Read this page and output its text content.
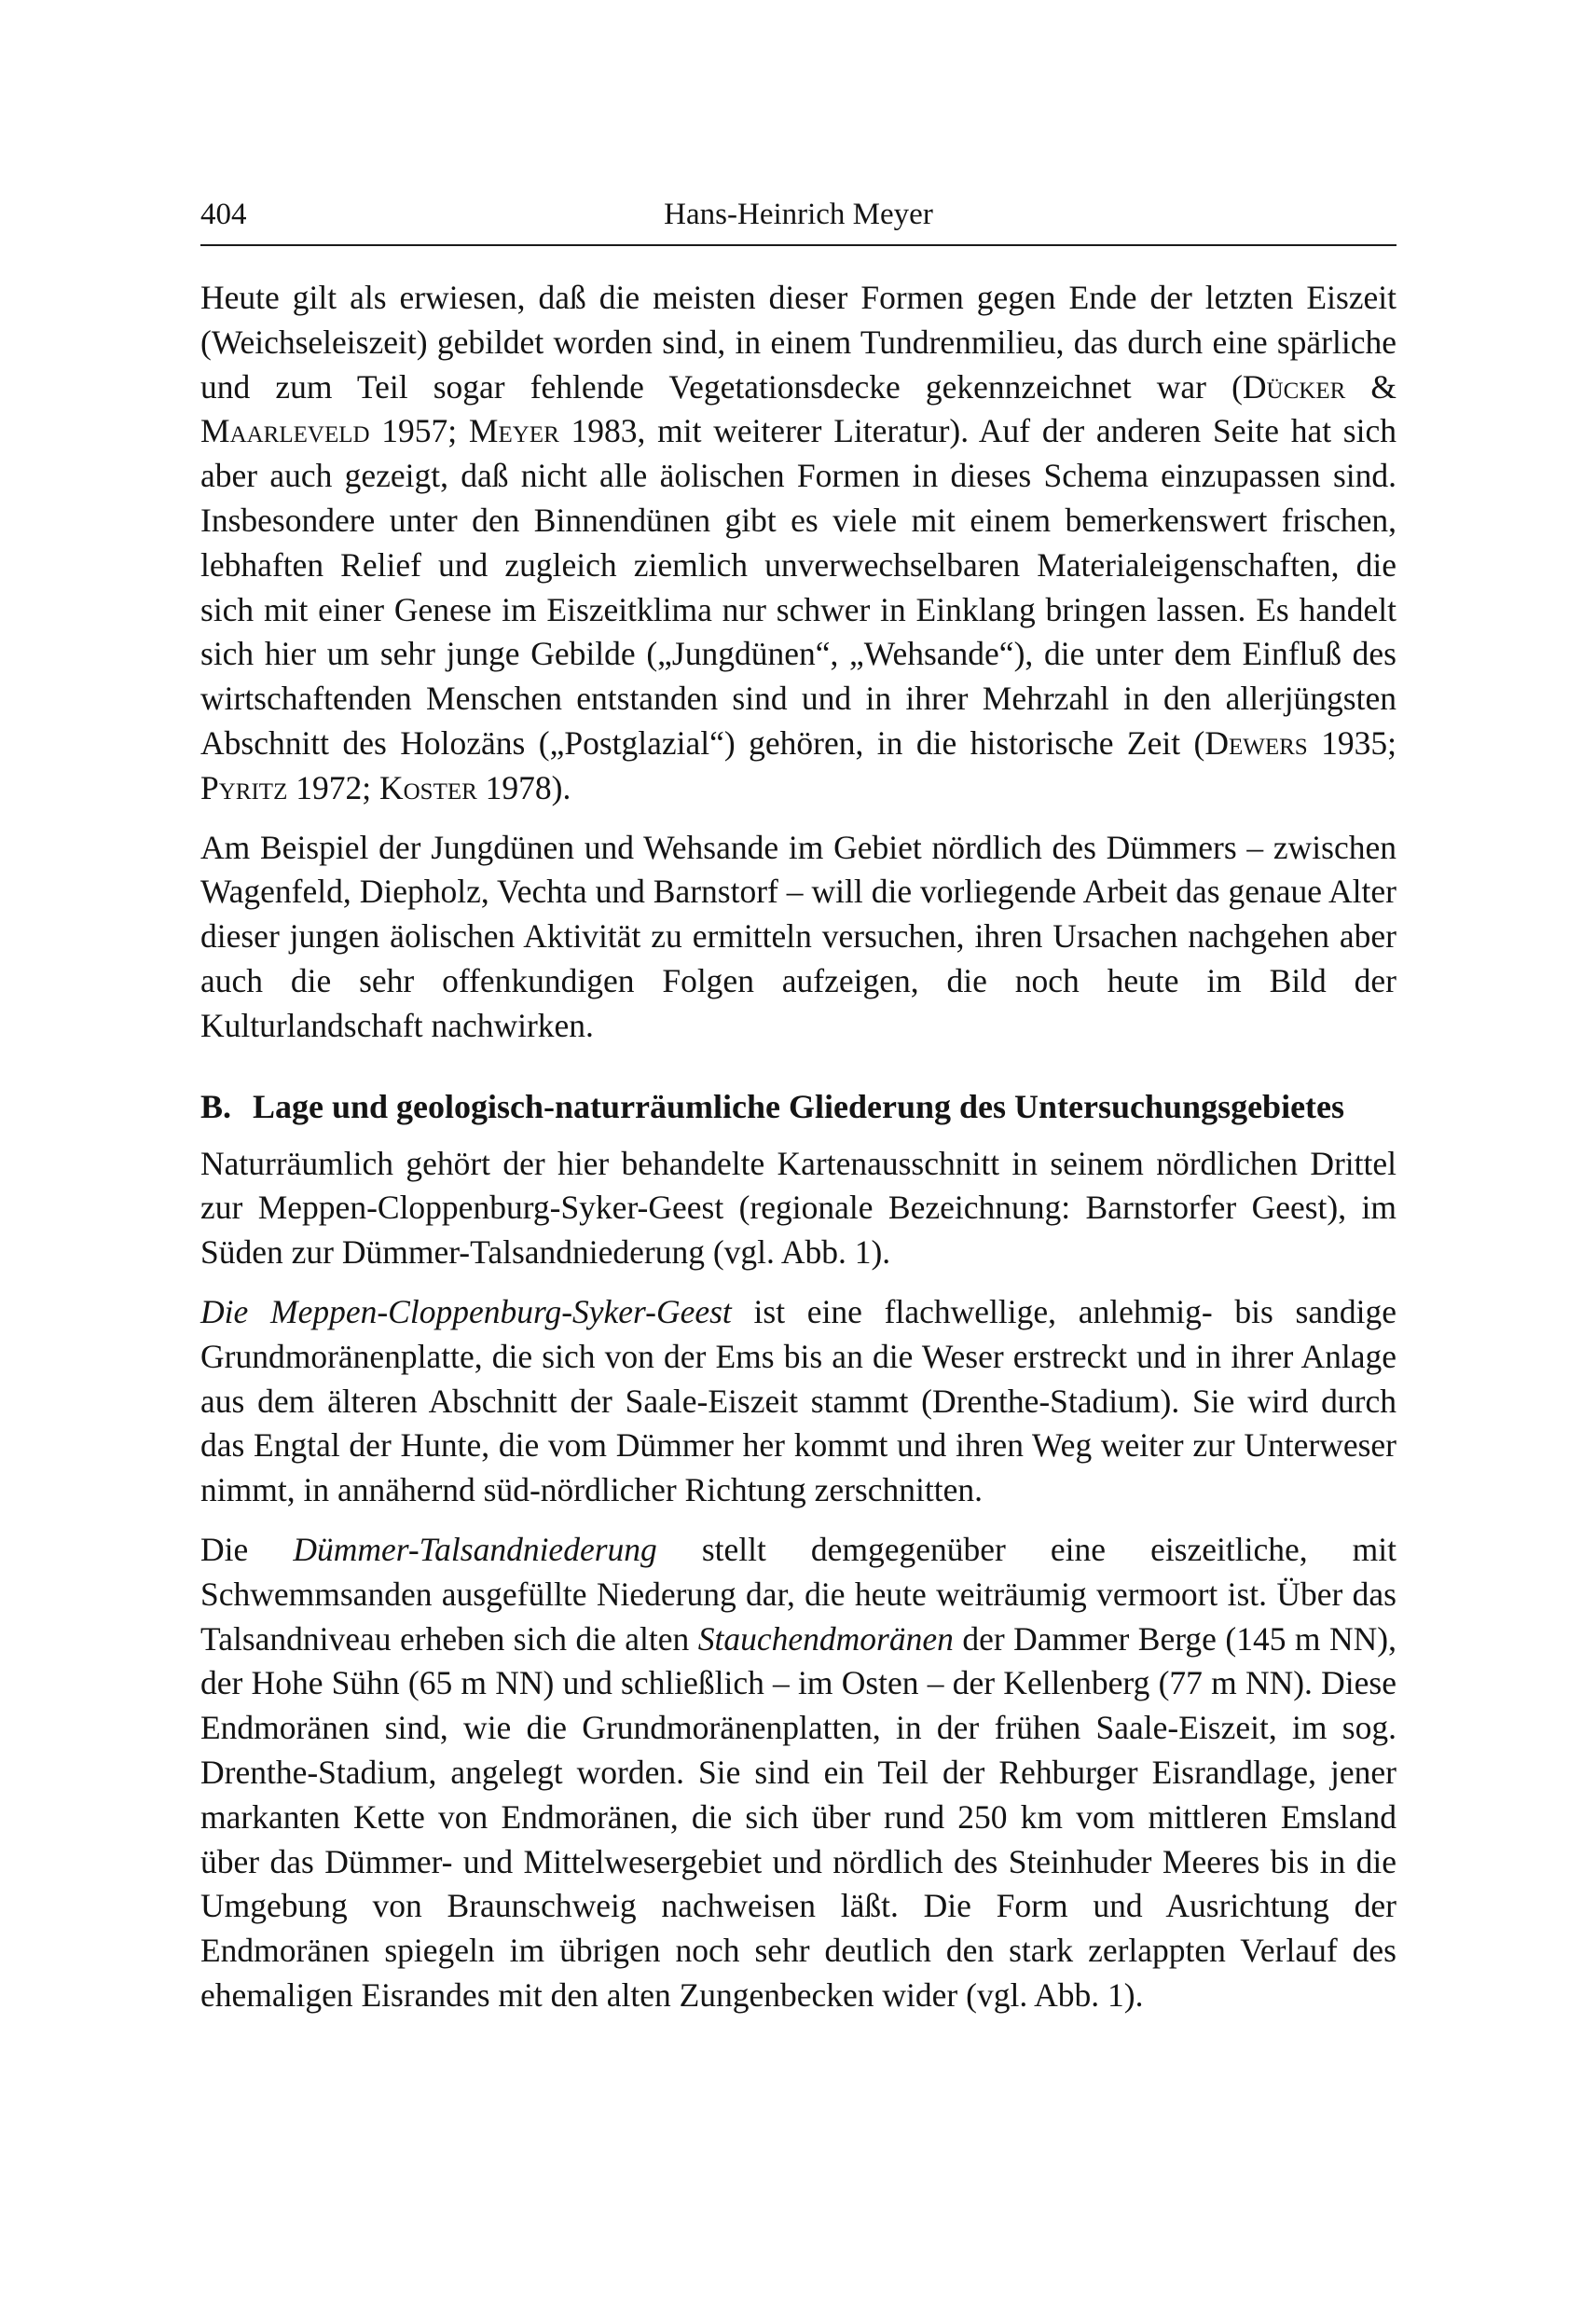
Hans-Heinrich Meyer
404

Heute gilt als erwiesen, daß die meisten dieser Formen gegen Ende der letzten Eiszeit (Weichseleiszeit) gebildet worden sind, in einem Tundrenmilieu, das durch eine spärliche und zum Teil sogar fehlende Vegetationsdecke gekennzeichnet war (Dücker & Maarleveld 1957; Meyer 1983, mit weiterer Literatur). Auf der anderen Seite hat sich aber auch gezeigt, daß nicht alle äolischen Formen in dieses Schema einzupassen sind. Insbesondere unter den Binnendünen gibt es viele mit einem bemerkenswert frischen, lebhaften Relief und zugleich ziemlich unverwechselbaren Materialeigenschaften, die sich mit einer Genese im Eiszeitklima nur schwer in Einklang bringen lassen. Es handelt sich hier um sehr junge Gebilde („Jungdünen“, „Wehsande“), die unter dem Einfluß des wirtschaftenden Menschen entstanden sind und in ihrer Mehrzahl in den allerjüngsten Abschnitt des Holozäns („Postglazial“) gehören, in die historische Zeit (Dewers 1935; Pyritz 1972; Koster 1978).

Am Beispiel der Jungdünen und Wehsande im Gebiet nördlich des Dümmers – zwischen Wagenfeld, Diepholz, Vechta und Barnstorf – will die vorliegende Arbeit das genaue Alter dieser jungen äolischen Aktivität zu ermitteln versuchen, ihren Ursachen nachgehen aber auch die sehr offenkundigen Folgen aufzeigen, die noch heute im Bild der Kulturlandschaft nachwirken.

B. Lage und geologisch-naturräumliche Gliederung des Untersuchungsgebietes

Naturräumlich gehört der hier behandelte Kartenausschnitt in seinem nördlichen Drittel zur Meppen-Cloppenburg-Syker-Geest (regionale Bezeichnung: Barnstorfer Geest), im Süden zur Dümmer-Talsandniederung (vgl. Abb. 1).

Die Meppen-Cloppenburg-Syker-Geest ist eine flachwellige, anlehmig- bis sandige Grundmoränenplatte, die sich von der Ems bis an die Weser erstreckt und in ihrer Anlage aus dem älteren Abschnitt der Saale-Eiszeit stammt (Drenthe-Stadium). Sie wird durch das Engtal der Hunte, die vom Dümmer her kommt und ihren Weg weiter zur Unterweser nimmt, in annähernd süd-nördlicher Richtung zerschnitten.

Die Dümmer-Talsandniederung stellt demgegenüber eine eiszeitliche, mit Schwemmsanden ausgefüllte Niederung dar, die heute weiträumig vermoort ist. Über das Talsandniveau erheben sich die alten Stauchendmoränen der Dammer Berge (145 m NN), der Hohe Sühn (65 m NN) und schließlich – im Osten – der Kellenberg (77 m NN). Diese Endmoränen sind, wie die Grundmoränenplatten, in der frühen Saale-Eiszeit, im sog. Drenthe-Stadium, angelegt worden. Sie sind ein Teil der Rehburger Eisrandlage, jener markanten Kette von Endmoränen, die sich über rund 250 km vom mittleren Emsland über das Dümmer- und Mittelwesergebiet und nördlich des Steinhuder Meeres bis in die Umgebung von Braunschweig nachweisen läßt. Die Form und Ausrichtung der Endmoränen spiegeln im übrigen noch sehr deutlich den stark zerlappten Verlauf des ehemaligen Eisrandes mit den alten Zungenbecken wider (vgl. Abb. 1).
